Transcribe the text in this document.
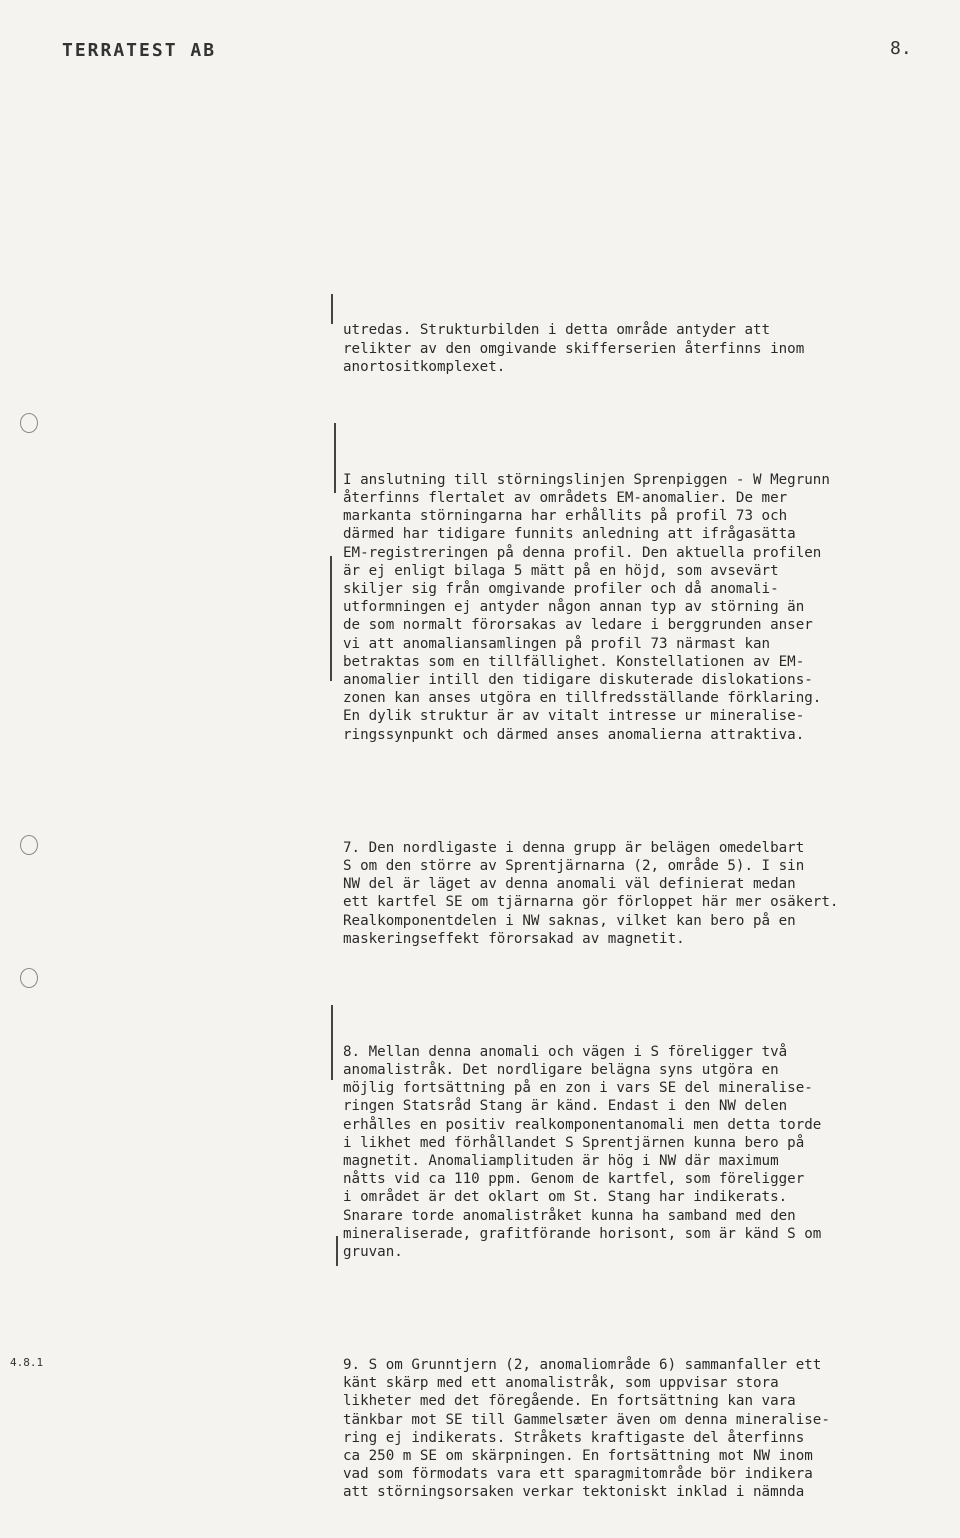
TERRATEST AB	8.

utredas. Strukturbilden i detta område antyder att
relikter av den omgivande skifferserien återfinns inom
anortositkomplexet.

I anslutning till störningslinjen Sprenpiggen - W Megrunn
återfinns flertalet av områdets EM-anomalier. De mer
markanta störningarna har erhållits på profil 73 och
därmed har tidigare funnits anledning att ifrågasätta
EM-registreringen på denna profil. Den aktuella profilen
är ej enligt bilaga 5 mätt på en höjd, som avsevärt
skiljer sig från omgivande profiler och då anomali-
utformningen ej antyder någon annan typ av störning än
de som normalt förorsakas av ledare i berggrunden anser
vi att anomaliansamlingen på profil 73 närmast kan
betraktas som en tillfällighet. Konstellationen av EM-
anomalier intill den tidigare diskuterade dislokations-
zonen kan anses utgöra en tillfredsställande förklaring.
En dylik struktur är av vitalt intresse ur mineralise-
ringssynpunkt och därmed anses anomalierna attraktiva.

7. Den nordligaste i denna grupp är belägen omedelbart
S om den större av Sprentjärnarna (2, område 5). I sin
NW del är läget av denna anomali väl definierat medan
ett kartfel SE om tjärnarna gör förloppet här mer osäkert.
Realkomponentdelen i NW saknas, vilket kan bero på en
maskeringseffekt förorsakad av magnetit.

8. Mellan denna anomali och vägen i S föreligger två
anomalistråk. Det nordligare belägna syns utgöra en
möjlig fortsättning på en zon i vars SE del mineralise-
ringen Statsråd Stang är känd. Endast i den NW delen
erhålles en positiv realkomponentanomali men detta torde
i likhet med förhållandet S Sprentjärnen kunna bero på
magnetit. Anomaliamplituden är hög i NW där maximum
nåtts vid ca 110 ppm. Genom de kartfel, som föreligger
i området är det oklart om St. Stang har indikerats.
Snarare torde anomalistråket kunna ha samband med den
mineraliserade, grafitförande horisont, som är känd S om
gruvan.

9. S om Grunntjern (2, anomaliområde 6) sammanfaller ett
känt skärp med ett anomalistråk, som uppvisar stora
likheter med det föregående. En fortsättning kan vara
tänkbar mot SE till Gammelsæter även om denna mineralise-
ring ej indikerats. Stråkets kraftigaste del återfinns
ca 250 m SE om skärpningen. En fortsättning mot NW inom
vad som förmodats vara ett sparagmitområde bör indikera
att störningsorsaken verkar tektoniskt inklad i nämnda

4.8.1
